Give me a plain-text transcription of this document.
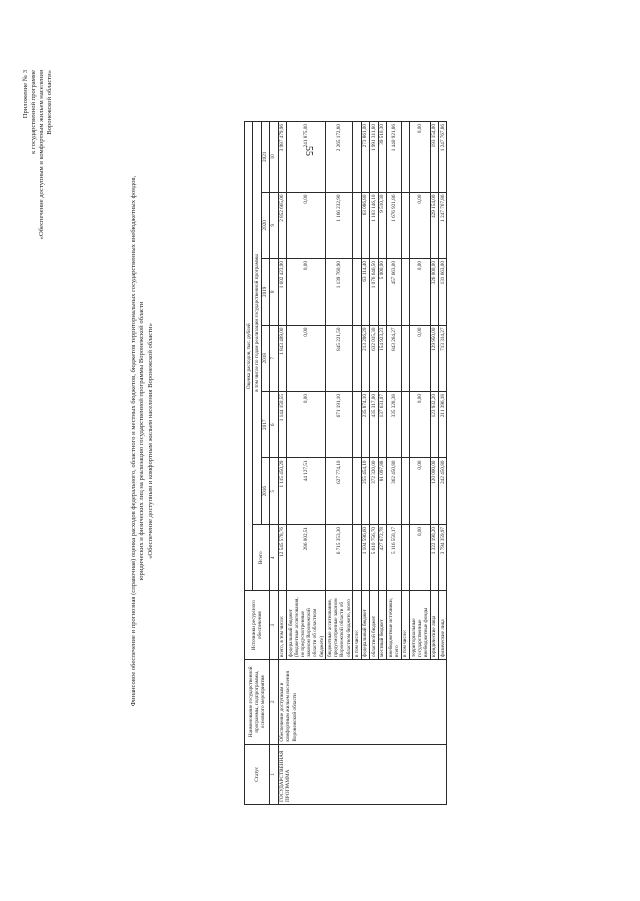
55
Приложение № 3 к государственной программе «Обеспечение доступным и комфортным жильем населения Воронежской области»
Финансовое обеспечение и прогнозная (справочная) оценка расходов федерального, областного и местных бюджетов, бюджетов территориальных государственных внебюджетных фондов, юридических и физических лиц на реализацию государственной программы Воронежской области «Обеспечение доступным и комфортным жильем населения Воронежской области»
Статус	Наименование государственной программы, подпрограммы, основного мероприятия	Источники ресурсного обеспечения	Оценка расходов, тыс. рублей						
			Всего	в том числе по годам реализации государственной программы					
				2016	2017	2018	2019	2020	2021
1	2	3	4	5	6	7	8	9	10
ГОСУДАРСТВЕННАЯ ПРОГРАММА	Обеспечение доступным и комфортным жильем населения Воронежской области	всего, в том числе:	12 545 578,76	1 115 450,29	1 144 150,55	1 843 409,00	1 602 423,90	2 852 665,06	3 987 479,96
		федеральный бюджет (бюджетные ассигнования, не предусмотренные законом Воронежской области об областном бюджете)	286 002,51	44 127,51	0,00	0,00	0,00	0,00	241 875,00
		бюджетные ассигнования, предусмотренные законом Воронежской области об областном бюджете, всего	6 715 353,30	627 774,10	671 191,10	845 221,50	1 139 760,90	1 166 232,90	2 265 172,80
		в том числе:							
		федеральный бюджет	1 104 596,60	255 454,10	235 874,10	213 206,20	63 114,40	63 086,80	273 861,00
		областной бюджет	5 610 756,70	372 320,00	435 317,00	632 015,30	1 076 646,50	1 103 146,10	1 991 311,80
		местный бюджет	427 672,78	81 097,88	137 631,07	154 923,23	5 000,00	9 510,30	39 510,30
		внебюджетные источники, всего	5 116 550,17	362 450,80	335 328,38	843 264,27	457 663,00	1 676 921,86	1 440 921,86
		в том числе:							
		территориальные государственные внебюджетные фонды	0,00	0,00	0,00	0,00	0,00	0,00	0,00
		юридические лица	1 322 190,20	120 000,00	123 932,20	129 950,00	326 000,00	429 154,00	193 154,00
		физические лица	3 794 359,97	242 450,80	211 396,18	713 314,27	131 663,00	1 247 767,86	1 247 767,86
